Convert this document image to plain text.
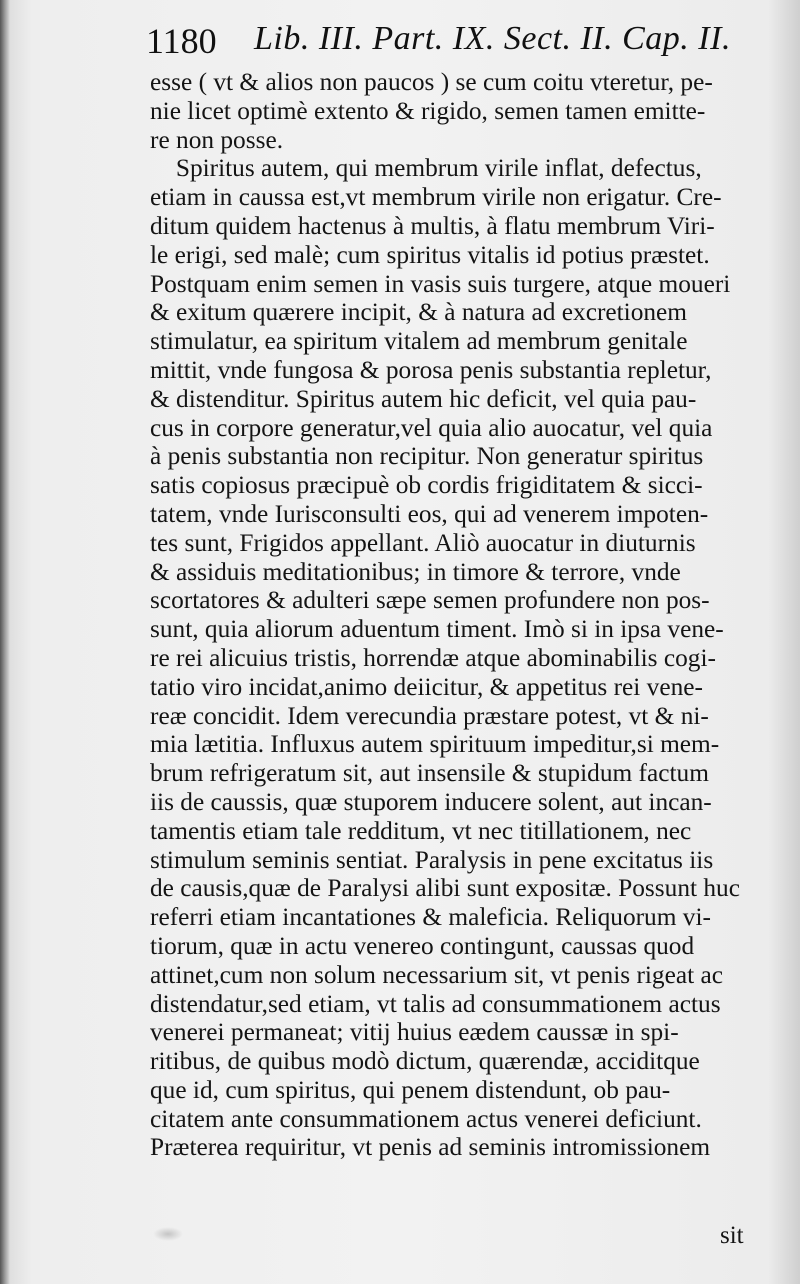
1180 Lib. III. Part. IX. Sect. II. Cap. II.
esse ( vt & alios non paucos ) se cum coitu vteretur, pe-
nie licet optimè extento & rigido, semen tamen emitte-
re non posse.
Spiritus autem, qui membrum virile inflat, defectus,
etiam in caussa est,vt membrum virile non erigatur. Cre-
ditum quidem hactenus à multis, à flatu membrum Viri-
le erigi, sed malè; cum spiritus vitalis id potius præstet.
Postquam enim semen in vasis suis turgere, atque moueri
& exitum quærere incipit, & à natura ad excretionem
stimulatur, ea spiritum vitalem ad membrum genitale
mittit, vnde fungosa & porosa penis substantia repletur,
& distenditur. Spiritus autem hic deficit, vel quia pau-
cus in corpore generatur,vel quia alio auocatur, vel quia
à penis substantia non recipitur. Non generatur spiritus
satis copiosus præcipuè ob cordis frigiditatem & sicci-
tatem, vnde Iurisconsulti eos, qui ad venerem impoten-
tes sunt, Frigidos appellant. Aliò auocatur in diuturnis
& assiduis meditationibus; in timore & terrore, vnde
scortatores & adulteri sæpe semen profundere non pos-
sunt, quia aliorum aduentum timent. Imò si in ipsa vene-
re rei alicuius tristis, horrendæ atque abominabilis cogi-
tatio viro incidat,animo deiicitur, & appetitus rei vene-
reæ concidit. Idem verecundia præstare potest, vt & ni-
mia lætitia. Influxus autem spirituum impeditur,si mem-
brum refrigeratum sit, aut insensile & stupidum factum
iis de caussis, quæ stuporem inducere solent, aut incan-
tamentis etiam tale redditum, vt nec titillationem, nec
stimulum seminis sentiat. Paralysis in pene excitatus iis
de causis,quæ de Paralysi alibi sunt expositæ. Possunt huc
referri etiam incantationes & maleficia. Reliquorum vi-
tiorum, quæ in actu venereo contingunt, caussas quod
attinet,cum non solum necessarium sit, vt penis rigeat ac
distendatur,sed etiam, vt talis ad consummationem actus
venerei permaneat; vitij huius eædem caussæ in spi-
ritibus, de quibus modò dictum, quærendæ, acciditque
que id, cum spiritus, qui penem distendunt, ob pau-
citatem ante consummationem actus venerei deficiunt.
Præterea requiritur, vt penis ad seminis intromissionem
sit
